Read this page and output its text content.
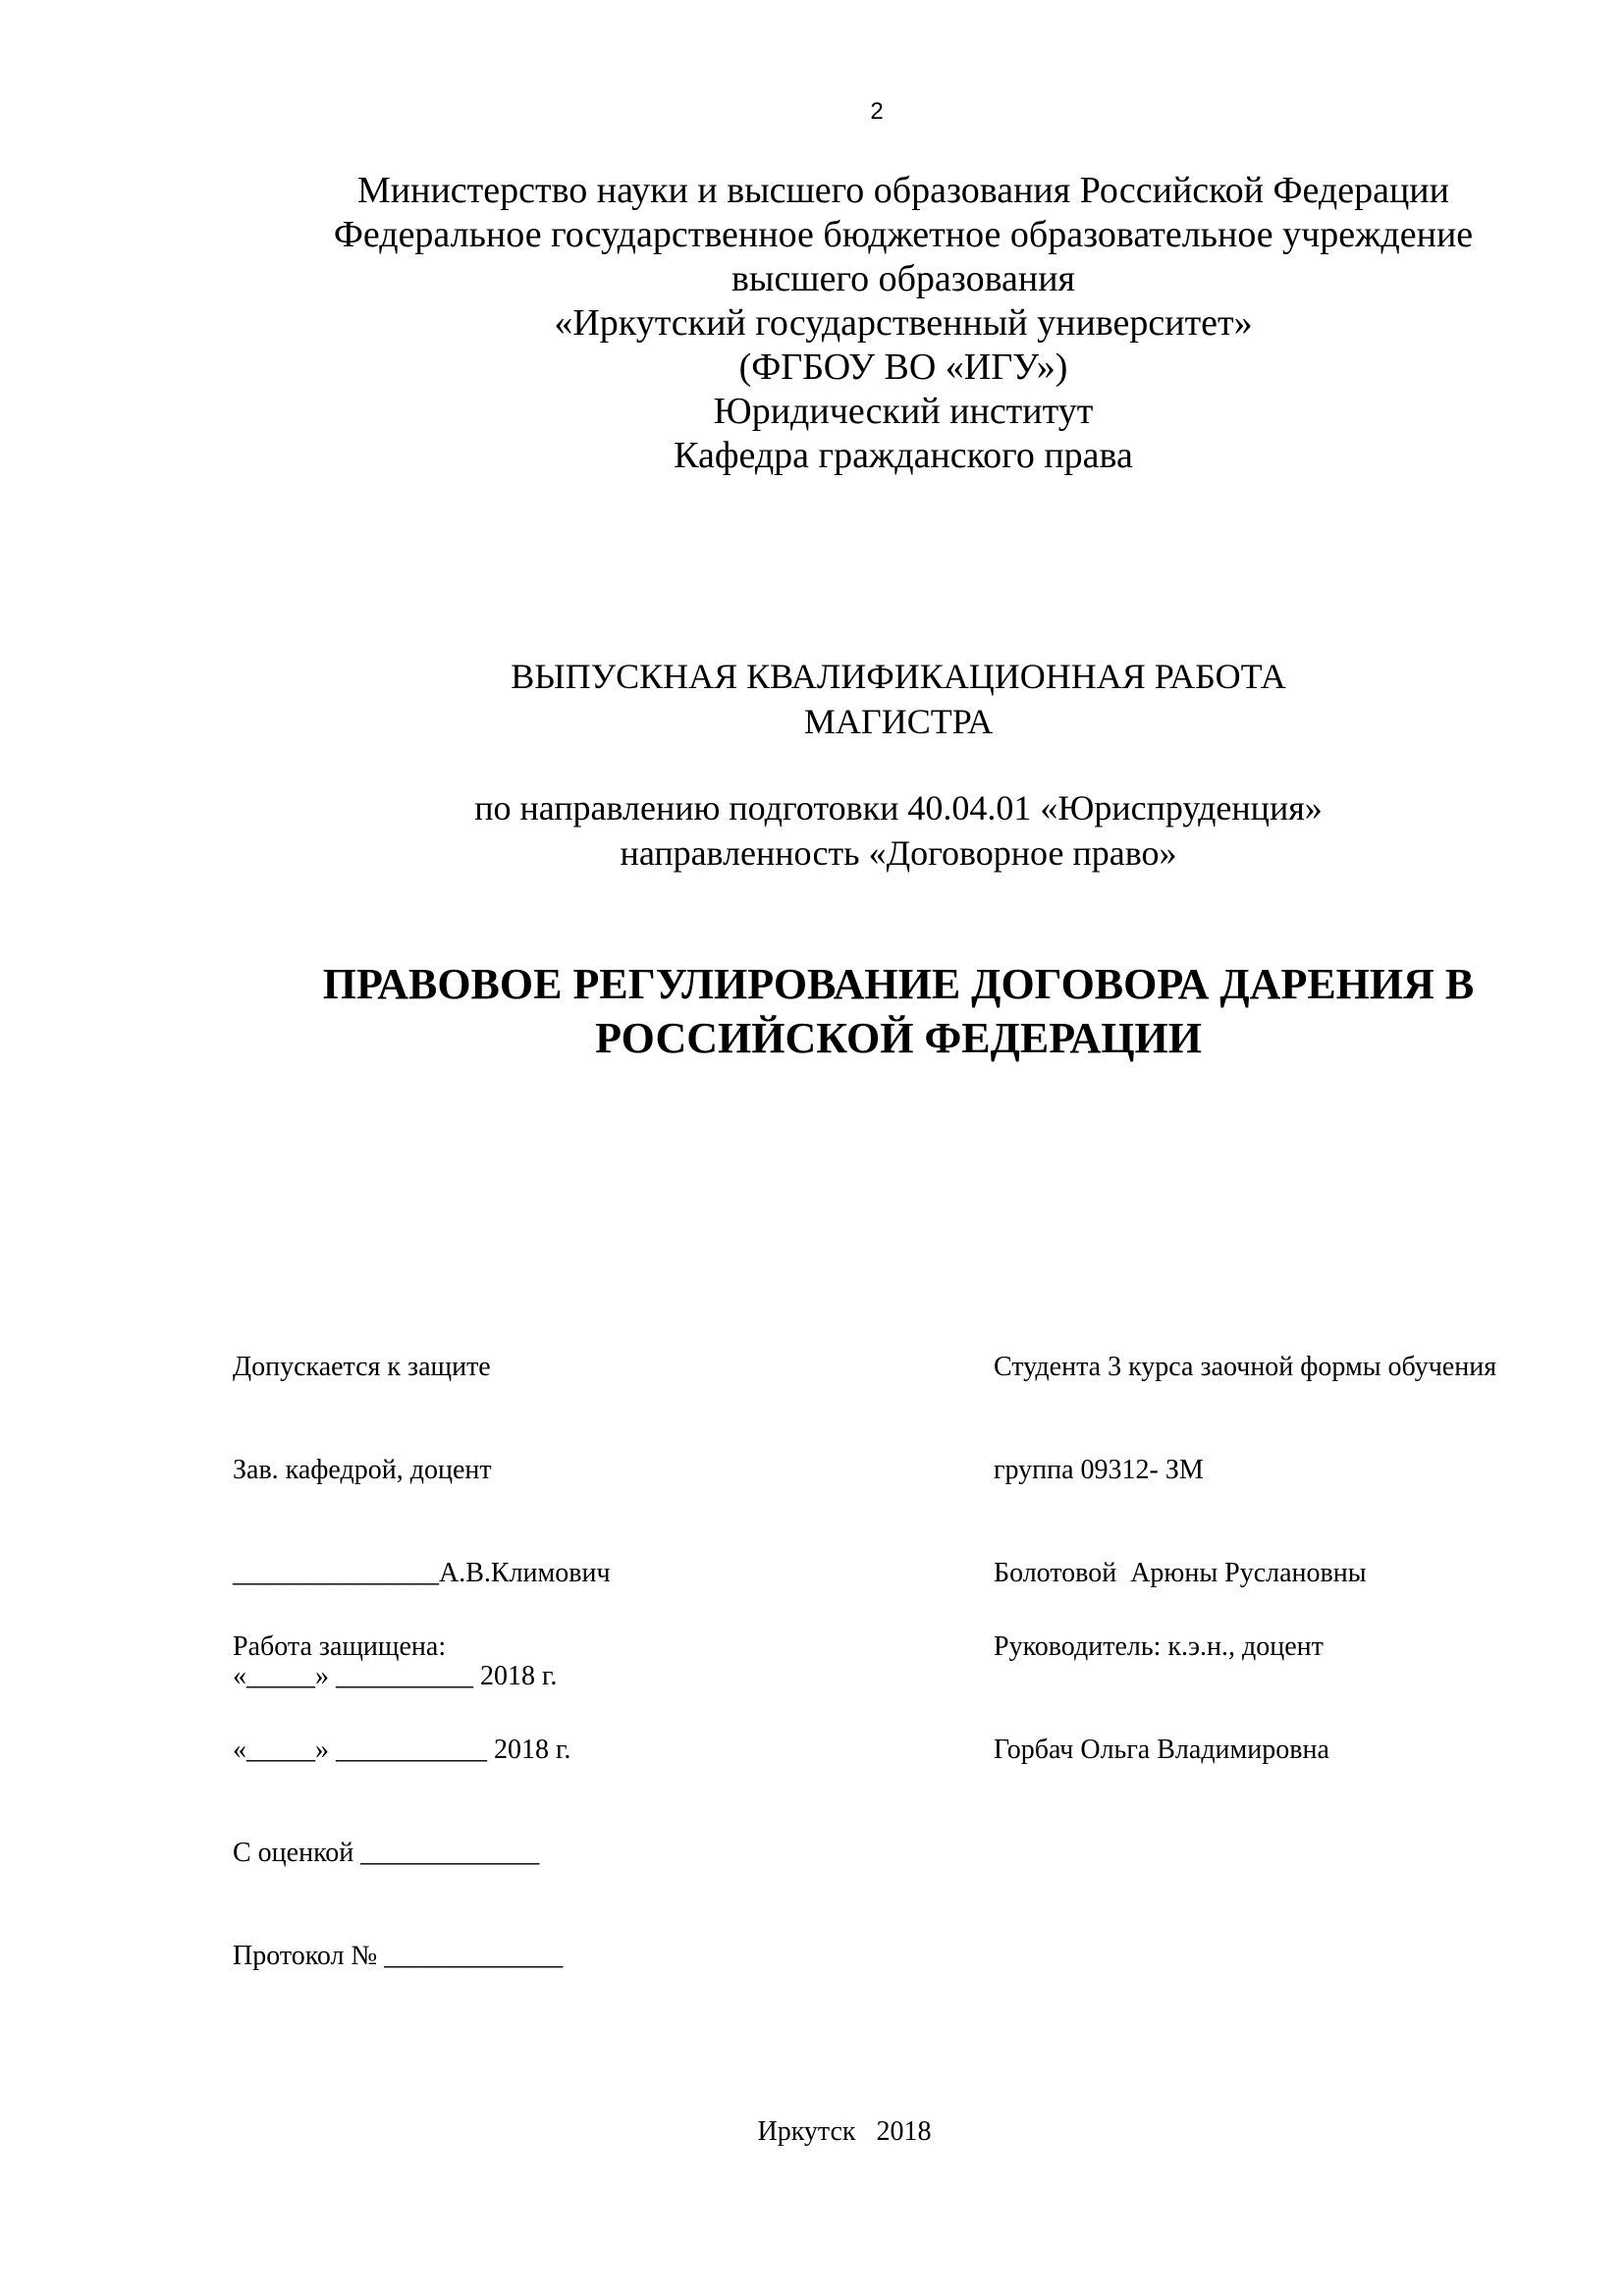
2
Министерство науки и высшего образования Российской Федерации
Федеральное государственное бюджетное образовательное учреждение
высшего образования
«Иркутский государственный университет»
(ФГБОУ ВО «ИГУ»)
Юридический институт
Кафедра гражданского права
ВЫПУСКНАЯ КВАЛИФИКАЦИОННАЯ РАБОТА
МАГИСТРА
по направлению подготовки 40.04.01 «Юриспруденция»
направленность «Договорное право»
ПРАВОВОЕ РЕГУЛИРОВАНИЕ ДОГОВОРА ДАРЕНИЯ В
РОССИЙСКОЙ ФЕДЕРАЦИИ

Допускается к защите

Зав. кафедрой, доцент

_______________А.В.Климович

«_____» __________ 2018 г.

Студента 3 курса заочной формы обучения

группа 09312- ЗМ

Болотовой  Арюны Руслановны

Работа защищена:

«_____» ___________ 2018 г.

С оценкой _____________

Протокол № _____________

Руководитель: к.э.н., доцент

Горбач Ольга Владимировна

Иркутск   2018
